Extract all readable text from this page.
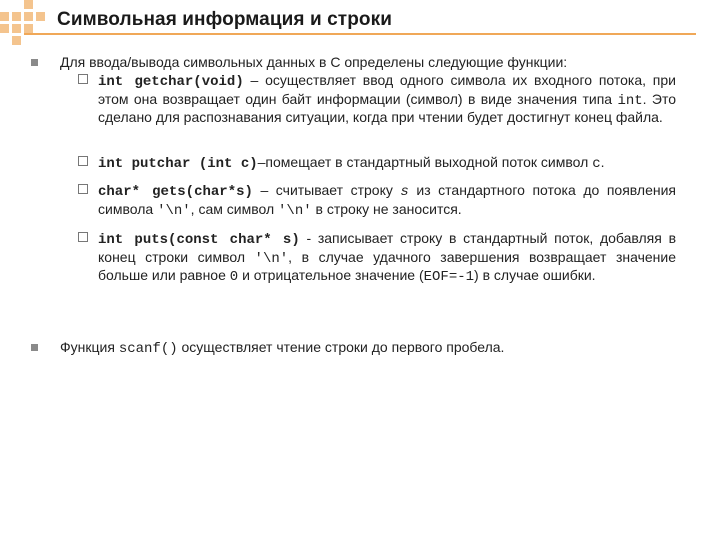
Символьная информация и строки
Для ввода/вывода символьных данных в С определены следующие функции:
int getchar(void) – осуществляет ввод одного символа их входного потока, при этом она возвращает один байт информации (символ) в виде значения типа int. Это сделано для распознавания ситуации, когда при чтении будет достигнут конец файла.
int putchar (int c)–помещает в стандартный выходной поток символ c.
char* gets(char*s) – считывает строку s из стандартного потока до появления символа '\n', сам символ '\n' в строку не заносится.
int puts(const char* s) - записывает строку в стандартный поток, добавляя в конец строки символ '\n', в случае удачного завершения возвращает значение больше или равное 0 и отрицательное значение (EOF=-1) в случае ошибки.
Функция scanf() осуществляет чтение строки до первого пробела.
